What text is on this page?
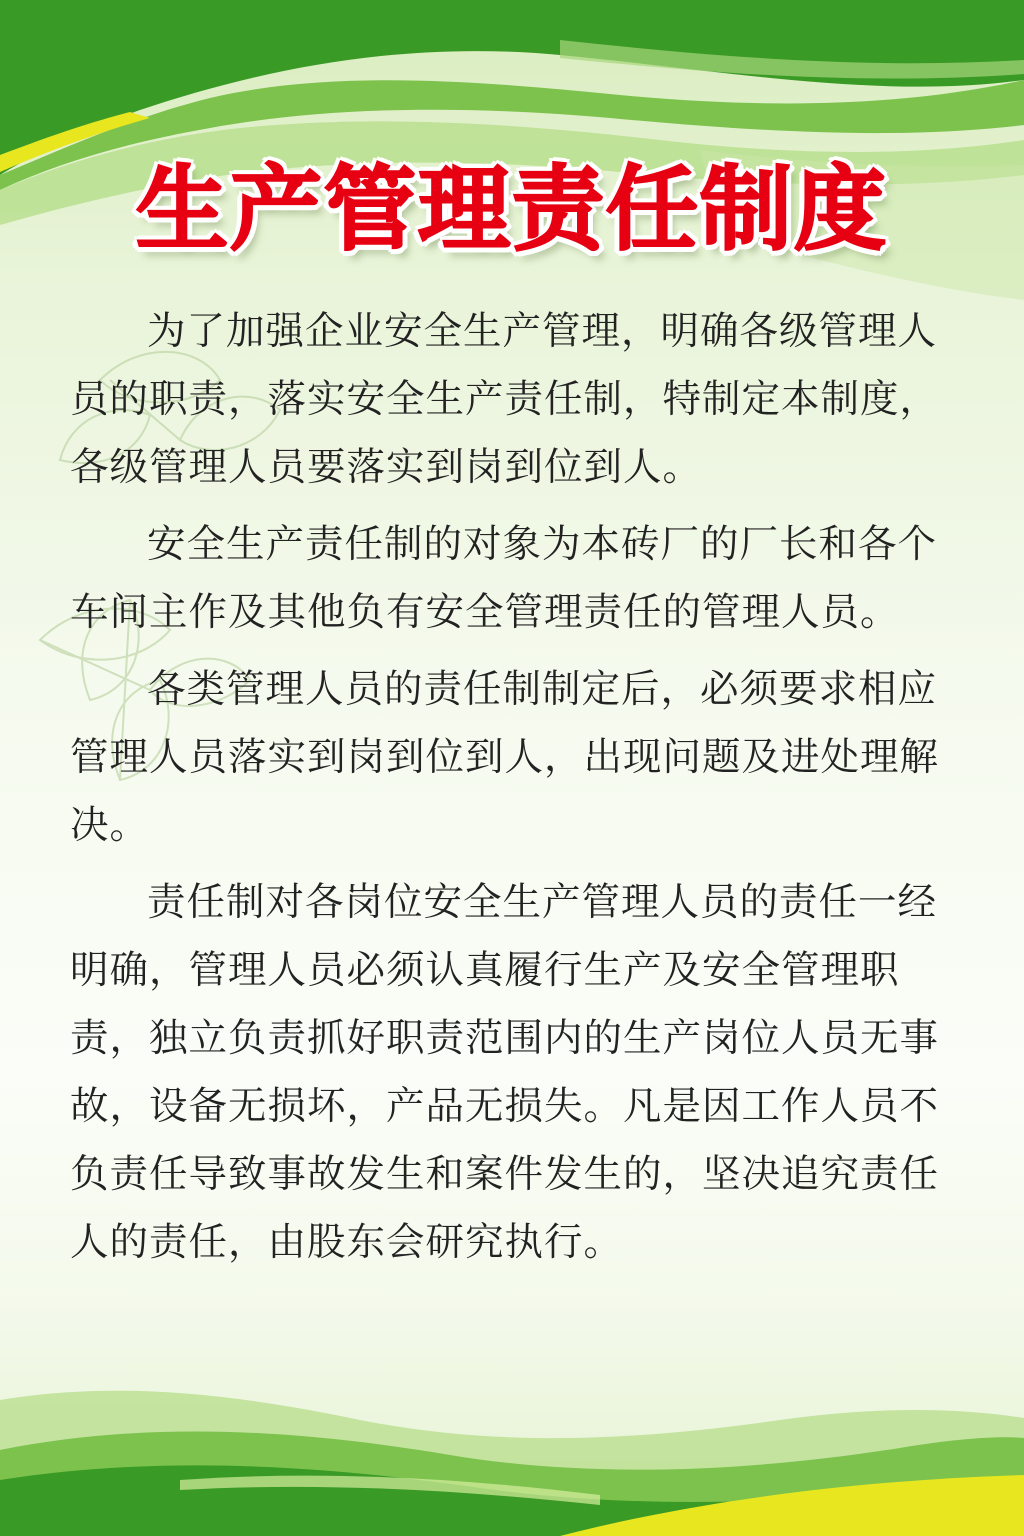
生产管理责任制度

为了加强企业安全生产管理，明确各级管理人员的职责，落实安全生产责任制，特制定本制度，各级管理人员要落实到岗到位到人。

安全生产责任制的对象为本砖厂的厂长和各个车间主作及其他负有安全管理责任的管理人员。

各类管理人员的责任制制定后，必须要求相应管理人员落实到岗到位到人，出现问题及进处理解决。

责任制对各岗位安全生产管理人员的责任一经明确，管理人员必须认真履行生产及安全管理职责，独立负责抓好职责范围内的生产岗位人员无事故，设备无损坏，产品无损失。凡是因工作人员不负责任导致事故发生和案件发生的，坚决追究责任人的责任，由股东会研究执行。
